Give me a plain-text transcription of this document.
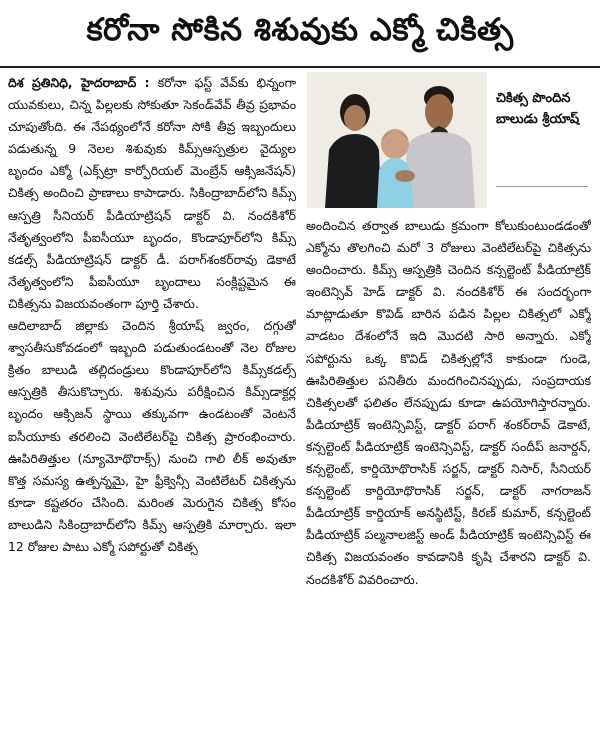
కరోనా సోకిన శిశువుకు ఎక్మో చికిత్స

దిశ ప్రతినిధి, హైదరాబాద్ : కరోనా ఫస్ట్ వేవ్‌కు భిన్నంగా యువకులు, చిన్న పిల్లలకు సోకుతూ సెకండ్‌వేవ్ తీవ్ర ప్రభావం చూపుతోంది. ఈ నేపథ్యంలోనే కరోనా సోకి తీవ్ర ఇబ్బందులు పడుతున్న 9 నెలల శిశువుకు కిమ్స్‌ఆస్పత్రుల వైద్యుల బృందం ఎక్మో (ఎక్స్‌ట్రా కార్పోరియల్ మెంబ్రేన్ ఆక్సిజనేషన్) చికిత్స అందించి ప్రాణాలు కాపాడారు. సికింద్రాబాద్‌లోని కిమ్స్ ఆస్పత్రి సీనియర్ పీడియాట్రిషన్ డాక్టర్ వి. నందకిశోర్ నేతృత్వంలోని పీఐసీయూ బృందం, కొండాపూర్‌లోని కిమ్స్ కడల్స్ పీడియాట్రిషన్ డాక్టర్ డీ. పరాగ్‌శంకర్‌రావు డెకాటే నేతృత్వంలోని పీఐసీయూ బృందాలు సంక్లిష్టమైన ఈ చికిత్సను విజయవంతంగా పూర్తి చేశారు.

ఆదిలాబాద్ జిల్లాకు చెందిన శ్రీయాష్ జ్వరం, దగ్గుతో శ్వాసతీసుకోవడంలో ఇబ్బంది పడుతుండటంతో నెల రోజుల క్రితం బాలుడి తల్లిదండ్రులు కొండాపూర్‌లోని కిమ్స్‌కడల్స్ ఆస్పత్రికి తీసుకొచ్చారు. శిశువును పరీక్షించిన కిమ్స్‌డాక్టర్ల బృందం ఆక్సిజన్ స్థాయి తక్కువగా ఉండటంతో వెంటనే ఐసీయూకు తరలించి వెంటిలేటర్‌పై చికిత్స ప్రారంభించారు. ఊపిరితిత్తుల (న్యూమోథొరాక్స్) నుంచి గాలి లీక్ అవుతూ కొత్త సమస్య ఉత్పన్నమై, హై ఫ్రీక్వెన్సీ వెంటిలేటర్ చికిత్సను కూడా కష్టతరం చేసింది. మరింత మెరుగైన చికిత్స కోసం బాలుడిని సికింద్రాబాద్‌లోని కిమ్స్ ఆస్పత్రికి మార్చారు. ఇలా 12 రోజుల పాటు ఎక్మో సపోర్టుతో చికిత్స

చికిత్స పొందిన బాలుడు శ్రీయాష్

అందించిన తర్వాత బాలుడు క్రమంగా కోలుకుంటుండడంతో ఎక్మోను తొలగించి మరో 3 రోజులు వెంటిలేటర్‌పై చికిత్సను అందించారు. కిమ్స్ ఆస్పత్రికి చెందిన కన్సల్టెంట్ పీడియాట్రిక్ ఇంటెన్సివ్ హెడ్ డాక్టర్ వి. నందకిశోర్ ఈ సందర్భంగా మాట్లాడుతూ కొవిడ్ బారిన పడిన పిల్లల చికిత్సలో ఎక్మో వాడటం దేశంలోనే ఇది మొదటి సారి అన్నారు. ఎక్మో సపోర్టును ఒక్క కొవిడ్ చికిత్సల్లోనే కాకుండా గుండె, ఊపిరితిత్తుల పనితీరు మందగించినప్పుడు, సంప్రదాయక చికిత్సలతో ఫలితం లేనప్పుడు కూడా ఉపయోగిస్తారన్నారు. పీడియాట్రిక్ ఇంటెన్సివిస్ట్, డాక్టర్ పరాగ్ శంకర్‌రావ్ డెకాటే, కన్సల్టెంట్ పీడియాట్రిక్ ఇంటెన్సివిస్ట్, డాక్టర్ సందీప్ జనార్దన్, కన్సల్టెంట్, కార్డియోథొరాసిక్ సర్జన్, డాక్టర్ నిసార్, సీనియర్ కన్సల్టెంట్ కార్డియోథొరాసిక్ సర్జన్, డాక్టర్ నాగరాజన్ పీడియాట్రిక్ కార్డియాక్ అనస్థిటిస్ట్, కిరణ్ కుమార్, కన్సల్టెంట్ పీడియాట్రిక్ పల్మనాలజిస్ట్ అండ్ పీడియాట్రిక్ ఇంటెన్సివిస్ట్ ఈ చికిత్స విజయవంతం కావడానికి కృషి చేశారని డాక్టర్ వి. నందకిశోర్ వివరించారు.
